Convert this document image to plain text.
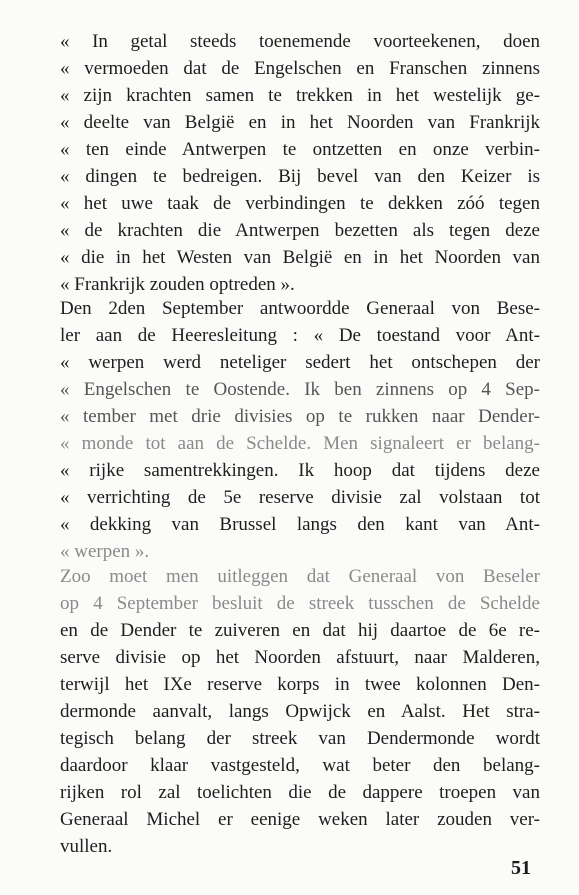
« In getal steeds toenemende voorteekenen, doen
« vermoeden dat de Engelschen en Franschen zinnens
« zijn krachten samen te trekken in het westelijk ge-
« deelte van België en in het Noorden van Frankrijk
« ten einde Antwerpen te ontzetten en onze verbin-
« dingen te bedreigen. Bij bevel van den Keizer is
« het uwe taak de verbindingen te dekken zóó tegen
« de krachten die Antwerpen bezetten als tegen deze
« die in het Westen van België en in het Noorden van
« Frankrijk zouden optreden ».
Den 2den September antwoordde Generaal von Bese-
ler aan de Heeresleitung : « De toestand voor Ant-
« werpen werd neteliger sedert het ontschepen der
« Engelschen te Oostende. Ik ben zinnens op 4 Sep-
« tember met drie divisies op te rukken naar Dender-
« monde tot aan de Schelde. Men signaleert er belang-
« rijke samentrekkingen. Ik hoop dat tijdens deze
« verrichting de 5e reserve divisie zal volstaan tot
« dekking van Brussel langs den kant van Ant-
« werpen ».
Zoo moet men uitleggen dat Generaal von Beseler
op 4 September besluit de streek tusschen de Schelde
en de Dender te zuiveren en dat hij daartoe de 6e re-
serve divisie op het Noorden afstuurt, naar Malderen,
terwijl het IXe reserve korps in twee kolonnen Den-
dermonde aanvalt, langs Opwijck en Aalst. Het stra-
tegisch belang der streek van Dendermonde wordt
daardoor klaar vastgesteld, wat beter den belang-
rijken rol zal toelichten die de dappere troepen van
Generaal Michel er eenige weken later zouden ver-
vullen.
51
